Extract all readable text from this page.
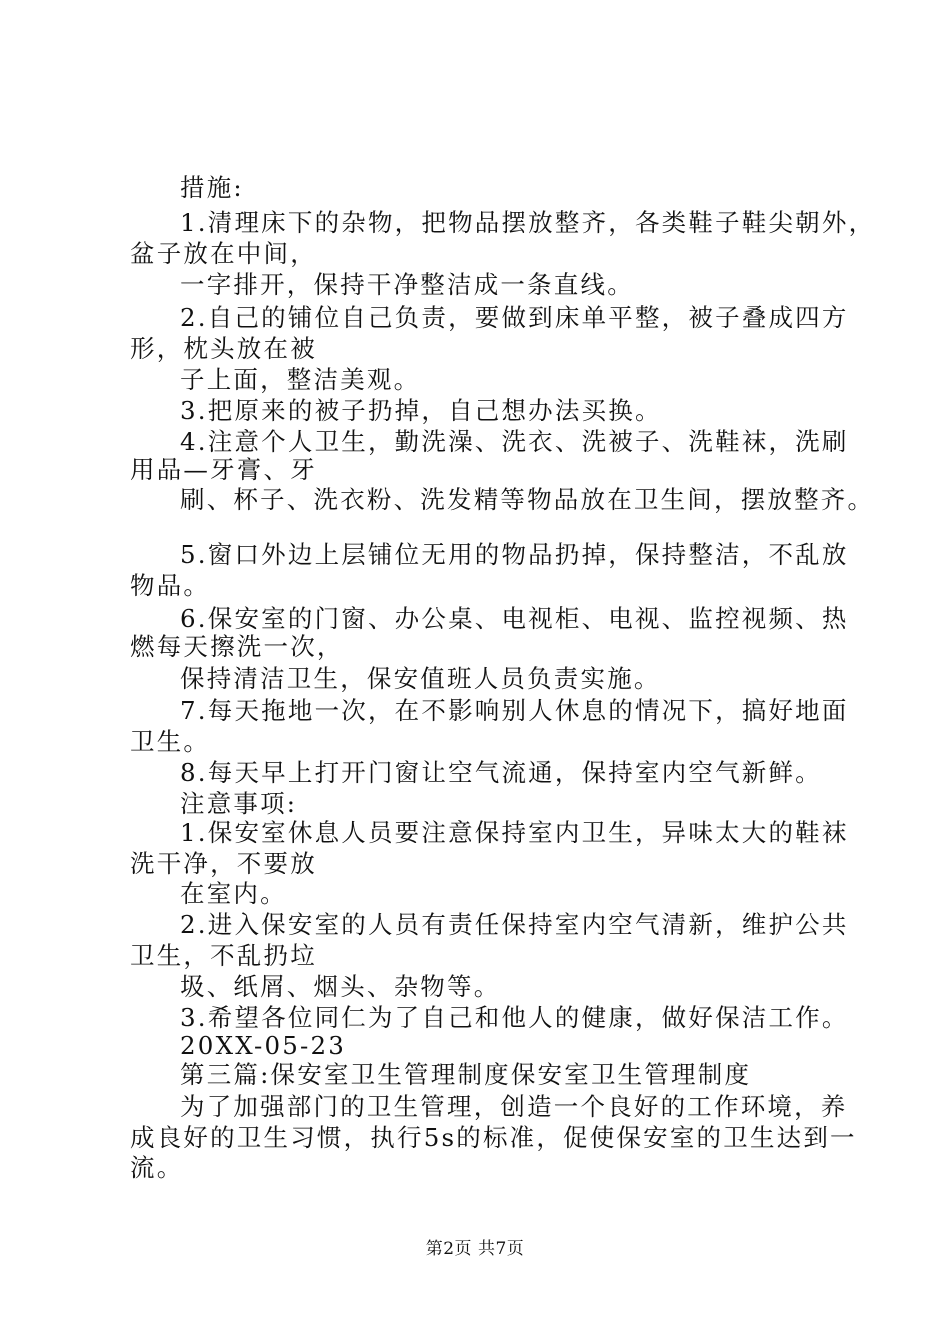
措施:
1.清理床下的杂物，把物品摆放整齐，各类鞋子鞋尖朝外，
盆子放在中间，
一字排开，保持干净整洁成一条直线。
2.自己的铺位自己负责，要做到床单平整，被子叠成四方
形，枕头放在被
子上面，整洁美观。
3.把原来的被子扔掉，自己想办法买换。
4.注意个人卫生，勤洗澡、洗衣、洗被子、洗鞋袜，洗刷
用品—牙膏、牙
刷、杯子、洗衣粉、洗发精等物品放在卫生间，摆放整齐。
5.窗口外边上层铺位无用的物品扔掉，保持整洁，不乱放
物品。
6.保安室的门窗、办公桌、电视柜、电视、监控视频、热
燃每天擦洗一次，
保持清洁卫生，保安值班人员负责实施。
7.每天拖地一次，在不影响别人休息的情况下，搞好地面
卫生。
8.每天早上打开门窗让空气流通，保持室内空气新鲜。
注意事项:
1.保安室休息人员要注意保持室内卫生，异味太大的鞋袜
洗干净，不要放
在室内。
2.进入保安室的人员有责任保持室内空气清新，维护公共
卫生，不乱扔垃
圾、纸屑、烟头、杂物等。
3.希望各位同仁为了自己和他人的健康，做好保洁工作。
20XX-05-23
第三篇:保安室卫生管理制度保安室卫生管理制度
为了加强部门的卫生管理，创造一个良好的工作环境，养
成良好的卫生习惯，执行5s的标准，促使保安室的卫生达到一
流。
第2页 共7页
